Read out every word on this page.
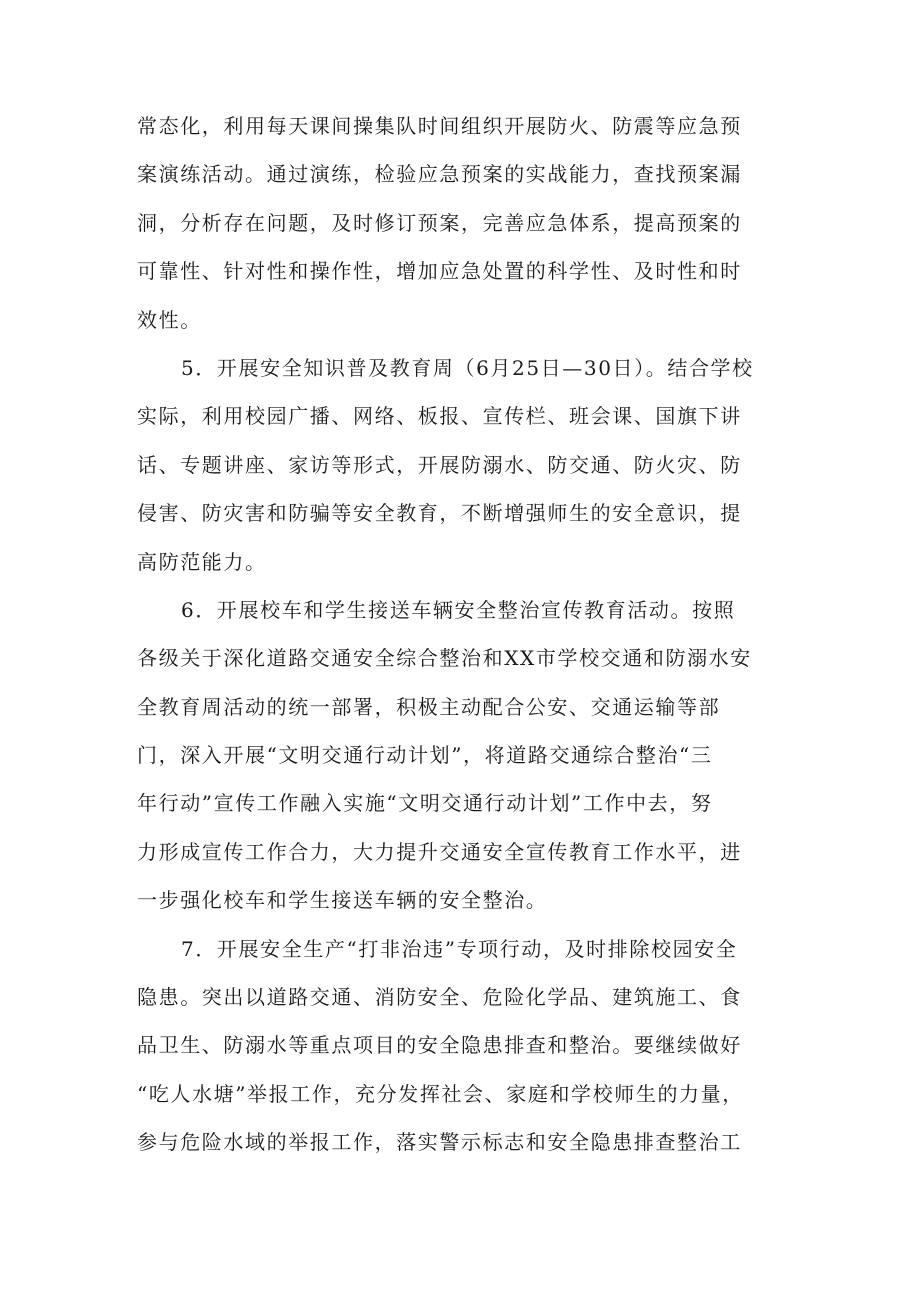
常态化，利用每天课间操集队时间组织开展防火、防震等应急预
案演练活动。通过演练，检验应急预案的实战能力，查找预案漏
洞，分析存在问题，及时修订预案，完善应急体系，提高预案的
可靠性、针对性和操作性，增加应急处置的科学性、及时性和时
效性。
5．开展安全知识普及教育周（6月25日—30日）。结合学校
实际，利用校园广播、网络、板报、宣传栏、班会课、国旗下讲
话、专题讲座、家访等形式，开展防溺水、防交通、防火灾、防
侵害、防灾害和防骗等安全教育，不断增强师生的安全意识，提
高防范能力。
6．开展校车和学生接送车辆安全整治宣传教育活动。按照
各级关于深化道路交通安全综合整治和XX市学校交通和防溺水安
全教育周活动的统一部署，积极主动配合公安、交通运输等部
门，深入开展“文明交通行动计划”，将道路交通综合整治“三
年行动”宣传工作融入实施“文明交通行动计划”工作中去，努
力形成宣传工作合力，大力提升交通安全宣传教育工作水平，进
一步强化校车和学生接送车辆的安全整治。
7．开展安全生产“打非治违”专项行动，及时排除校园安全
隐患。突出以道路交通、消防安全、危险化学品、建筑施工、食
品卫生、防溺水等重点项目的安全隐患排查和整治。要继续做好
“吃人水塘”举报工作，充分发挥社会、家庭和学校师生的力量，
参与危险水域的举报工作，落实警示标志和安全隐患排查整治工
